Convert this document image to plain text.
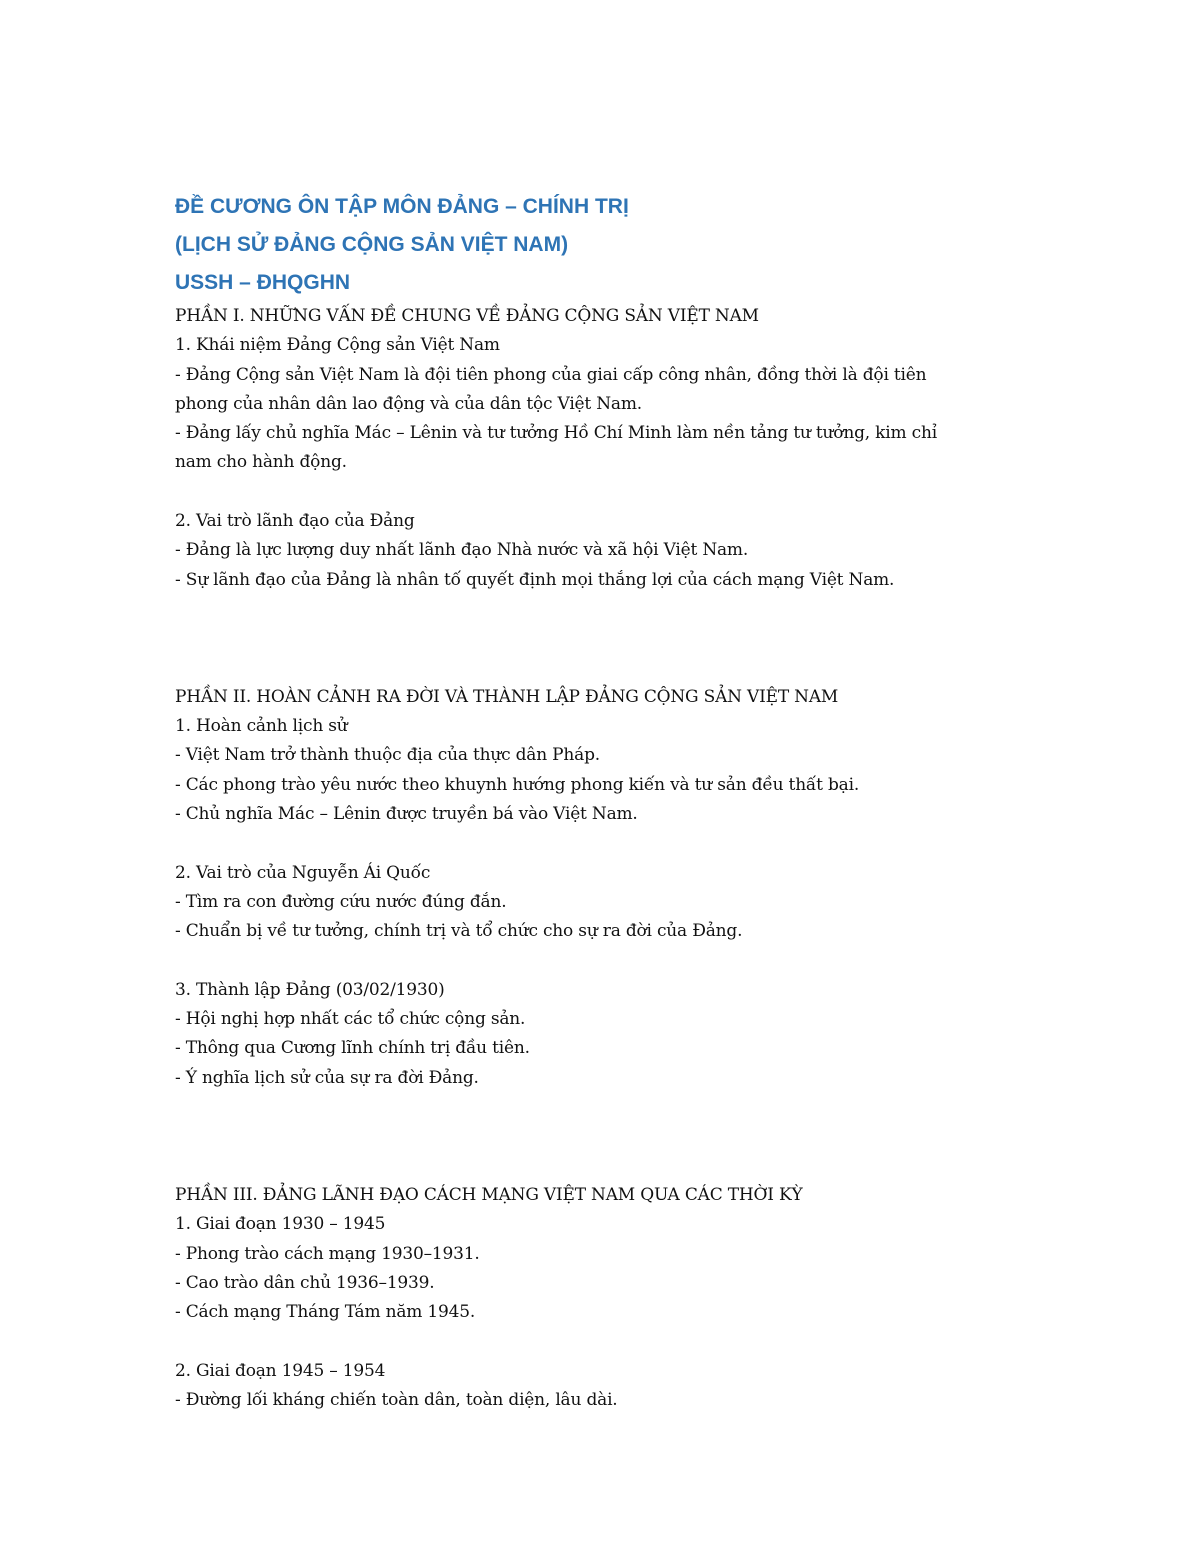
ĐỀ CƯƠNG ÔN TẬP MÔN ĐẢNG – CHÍNH TRỊ
(LỊCH SỬ ĐẢNG CỘNG SẢN VIỆT NAM)
USSH – ĐHQGHN
PHẦN I. NHỮNG VẤN ĐỀ CHUNG VỀ ĐẢNG CỘNG SẢN VIỆT NAM
1. Khái niệm Đảng Cộng sản Việt Nam
- Đảng Cộng sản Việt Nam là đội tiên phong của giai cấp công nhân, đồng thời là đội tiên
phong của nhân dân lao động và của dân tộc Việt Nam.
- Đảng lấy chủ nghĩa Mác – Lênin và tư tưởng Hồ Chí Minh làm nền tảng tư tưởng, kim chỉ
nam cho hành động.
2. Vai trò lãnh đạo của Đảng
- Đảng là lực lượng duy nhất lãnh đạo Nhà nước và xã hội Việt Nam.
- Sự lãnh đạo của Đảng là nhân tố quyết định mọi thắng lợi của cách mạng Việt Nam.
PHẦN II. HOÀN CẢNH RA ĐỜI VÀ THÀNH LẬP ĐẢNG CỘNG SẢN VIỆT NAM
1. Hoàn cảnh lịch sử
- Việt Nam trở thành thuộc địa của thực dân Pháp.
- Các phong trào yêu nước theo khuynh hướng phong kiến và tư sản đều thất bại.
- Chủ nghĩa Mác – Lênin được truyền bá vào Việt Nam.
2. Vai trò của Nguyễn Ái Quốc
- Tìm ra con đường cứu nước đúng đắn.
- Chuẩn bị về tư tưởng, chính trị và tổ chức cho sự ra đời của Đảng.
3. Thành lập Đảng (03/02/1930)
- Hội nghị hợp nhất các tổ chức cộng sản.
- Thông qua Cương lĩnh chính trị đầu tiên.
- Ý nghĩa lịch sử của sự ra đời Đảng.
PHẦN III. ĐẢNG LÃNH ĐẠO CÁCH MẠNG VIỆT NAM QUA CÁC THỜI KỲ
1. Giai đoạn 1930 – 1945
- Phong trào cách mạng 1930–1931.
- Cao trào dân chủ 1936–1939.
- Cách mạng Tháng Tám năm 1945.
2. Giai đoạn 1945 – 1954
- Đường lối kháng chiến toàn dân, toàn diện, lâu dài.
